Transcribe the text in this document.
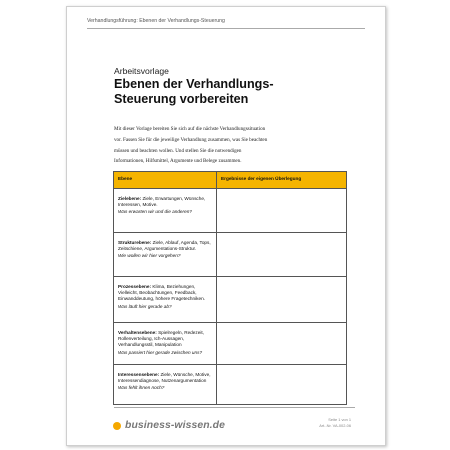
Verhandlungsführung: Ebenen der Verhandlungs-Steuerung
Arbeitsvorlage
Ebenen der Verhandlungs-
Steuerung vorbereiten

Mit dieser Vorlage bereiten Sie sich auf die nächste Verhandlungssituation

vor. Fassen Sie für die jeweilige Verhandlung zusammen, was Sie beachten

müssen und beachten wollen. Und stellen Sie die notwendigen

Informationen, Hilfsmittel, Argumente und Belege zusammen.

Ebene	Ergebnisse der eigenen Überlegung
Zielebene: Ziele, Erwartungen, Wünsche, Interessen, Motive.
Was erwarten wir und die anderen?	

Strukturebene: Ziele, Ablauf, Agenda, Tops, Zeitschiene, Argumentations-Struktur.
Wie wollen wir hier vorgehen?	

Prozessebene: Klima, Beziehungen, Vielleicht, Beobachtungen, Feedback, Einwanddeutung, höhere Fragetechniken.
Was läuft hier gerade ab?	

Verhaltensebene: Spielregeln, Redezeit, Rollenverteilung, Ich-Aussagen, Verhandlungsstil, Manipulation
Was passiert hier gerade zwischen uns?	

Interessensebene: Ziele, Wünsche, Motive, Interessendiagnose, Nutzenargumentation
Was fehlt ihnen noch?	

business-wissen.de
Seite 1 von 1
Art.-Nr. VA-002-06
